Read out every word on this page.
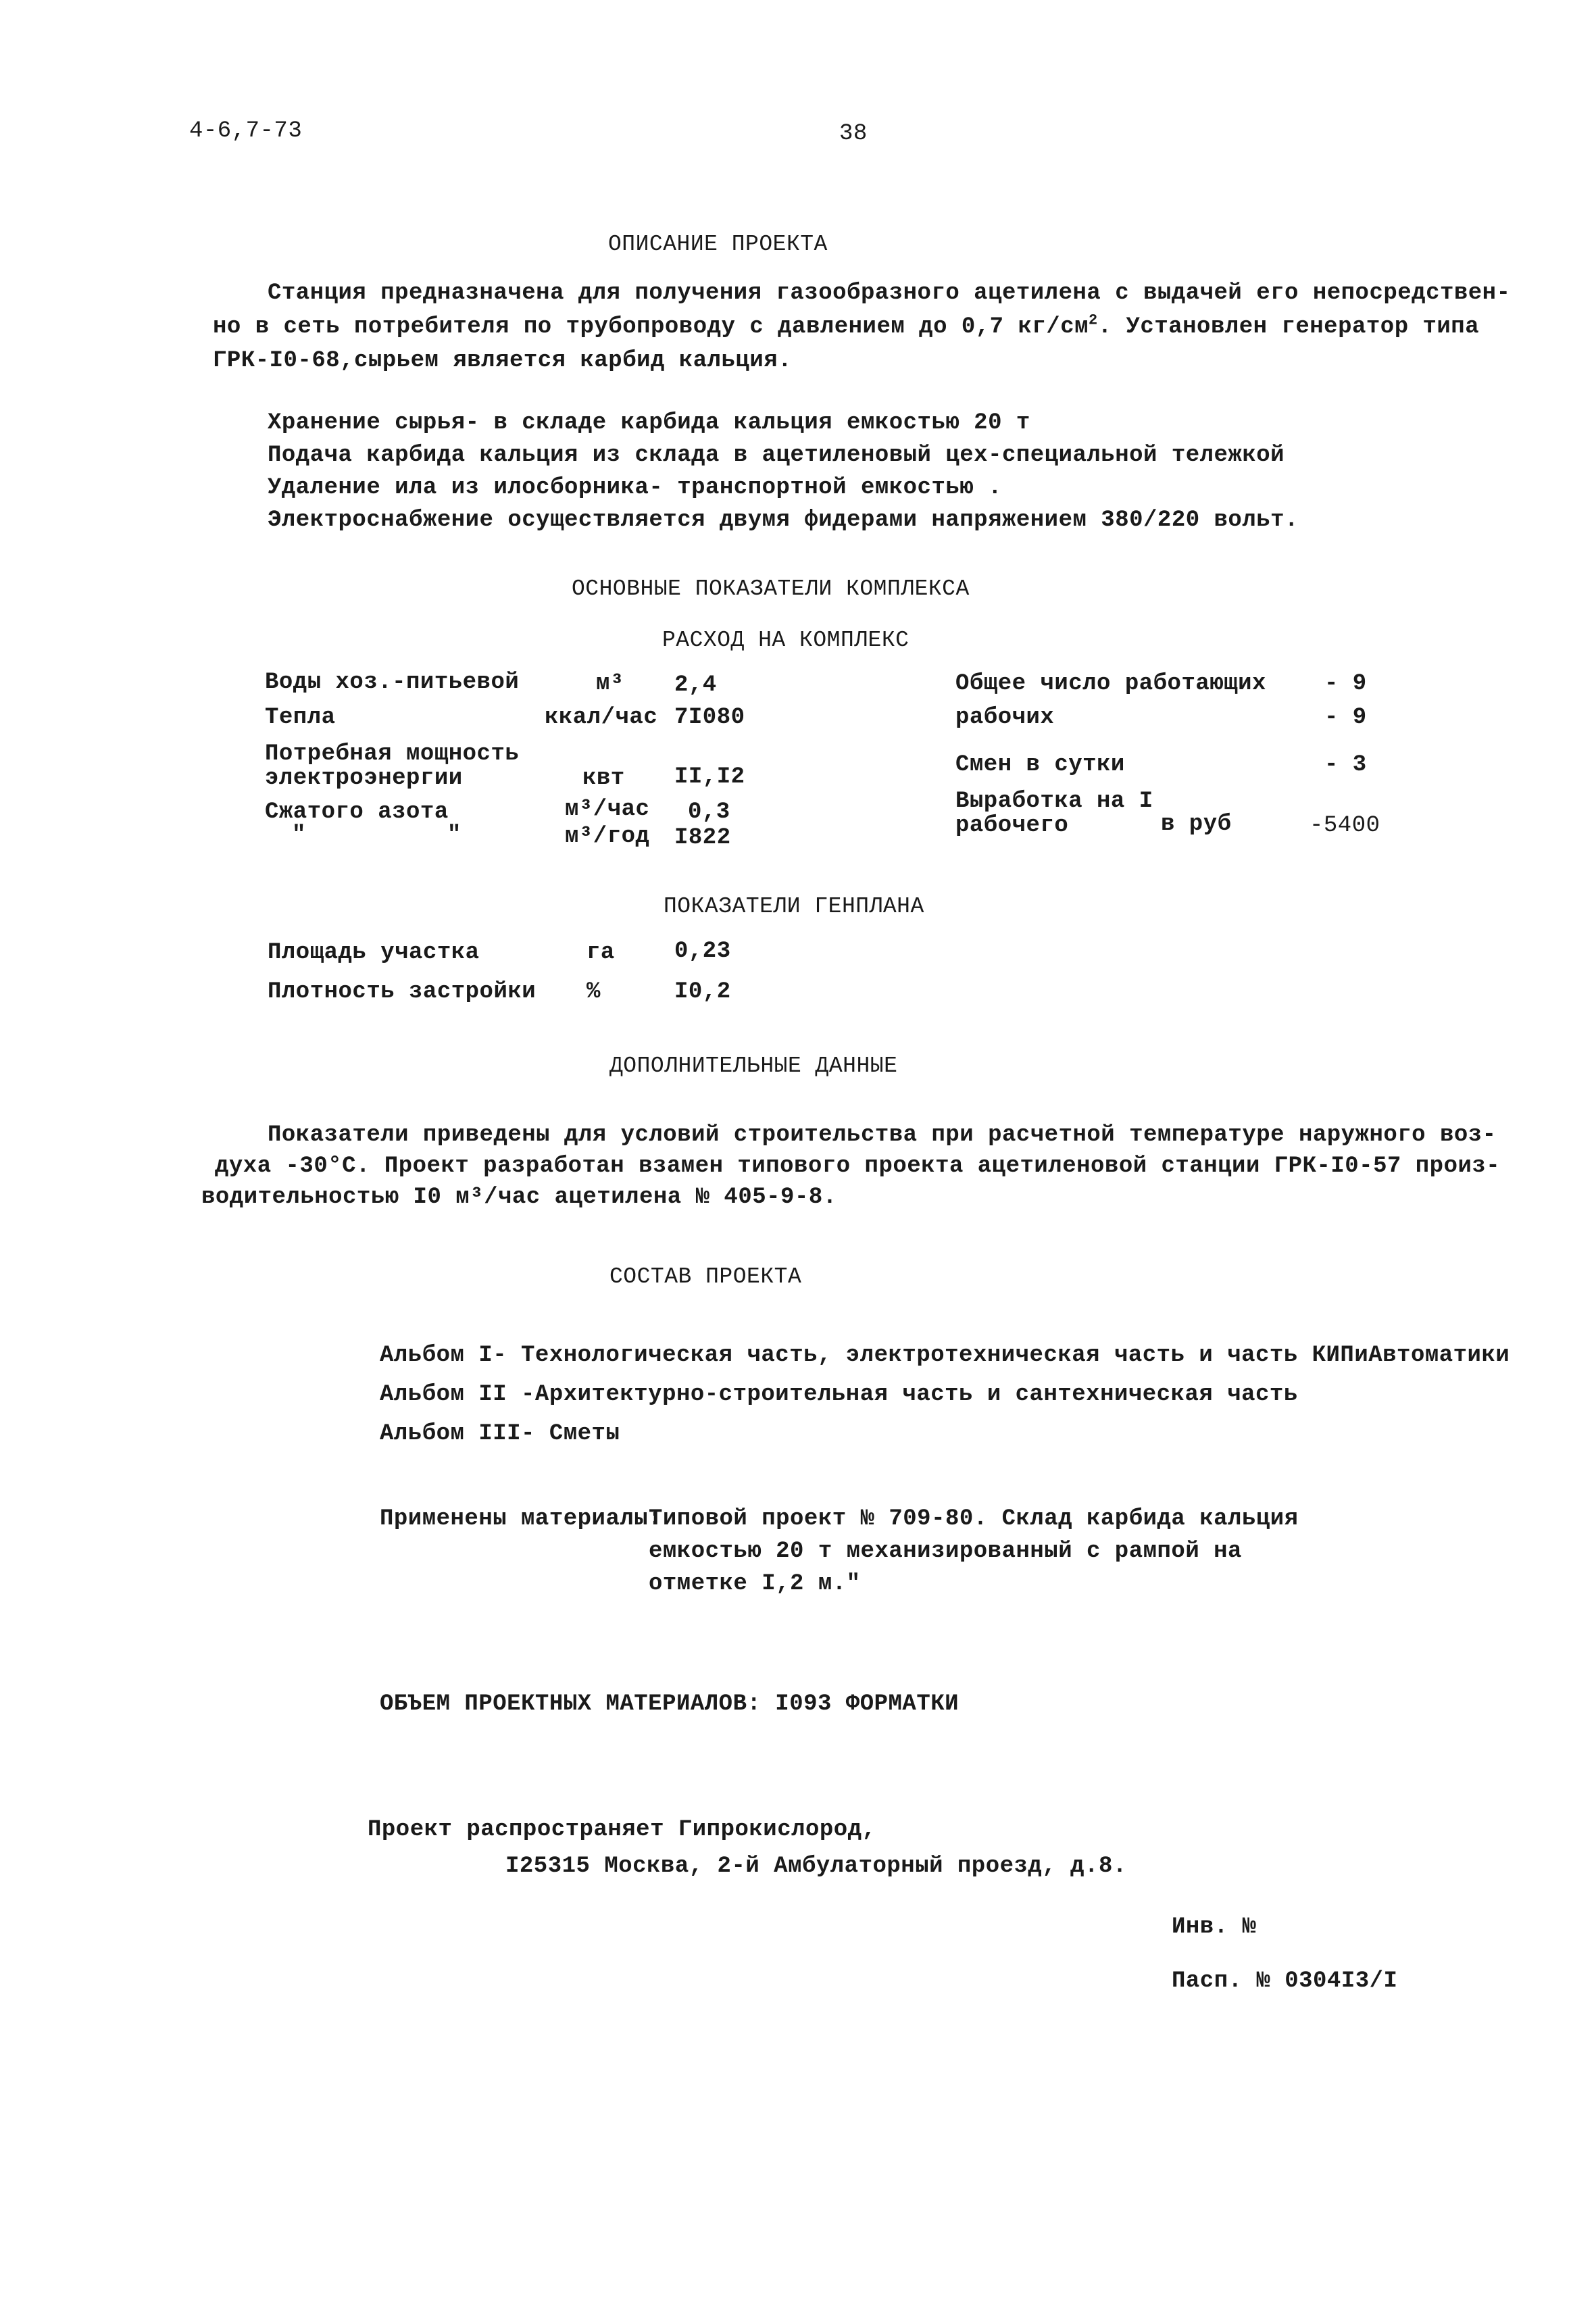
4-6,7-73	38
ОПИСАНИЕ ПРОЕКТА
Станция предназначена для получения газообразного ацетилена с выдачей его непосредствен-
но в сеть потребителя по трубопроводу с давлением до 0,7 $кг/см^2$. Установлен генератор типа
ГРК-I0-68,сырьем является карбид кальция.
Хранение сырья- в складе карбида кальция емкостью 20 т
Подача карбида кальция из склада в ацетиленовый цех-специальной тележкой
Удаление ила из илосборника- транспортной емкостью .
Электроснабжение осуществляется двумя фидерами напряжением 380/220 вольт.
ОСНОВНЫЕ ПОКАЗАТЕЛИ КОМПЛЕКСА
РАСХОД НА КОМПЛЕКС
Воды хоз.-питьевой	м³ 2,4
Тепла	ккал/час 7I080
Потребная мощность
электроэнергии	квт II,I2
Сжатого азота	м³/час 0,3
"          "	м³/год I822
Общее число работающих	- 9
рабочих	- 9
Смен в сутки	- 3
Выработка на I
рабочего	в руб	-5400
ПОКАЗАТЕЛИ ГЕНПЛАНА
Площадь участка	га	0,23
Плотность застройки %	I0,2
ДОПОЛНИТЕЛЬНЫЕ ДАННЫЕ
Показатели приведены для условий строительства при расчетной температуре наружного воз-
духа -30°С. Проект разработан взамен типового проекта ацетиленовой станции ГРК-I0-57 произ-
водительностью I0 м³/час ацетилена № 405-9-8.
СОСТАВ ПРОЕКТА
Альбом I- Технологическая часть, электротехническая часть и часть КИПиАвтоматики
Альбом II -Архитектурно-строительная часть и сантехническая часть
Альбом III- Сметы
Применены материалы:
Типовой проект № 709-80. Склад карбида кальция
емкостью 20 т механизированный с рампой на
отметке I,2 м."
ОБЪЕМ ПРОЕКТНЫХ МАТЕРИАЛОВ: I093 ФОРМАТКИ
Проект распространяет Гипрокислород,
I25315 Москва, 2-й Амбулаторный проезд, д.8.
Инв. №
Пасп. № 0304I3/I
